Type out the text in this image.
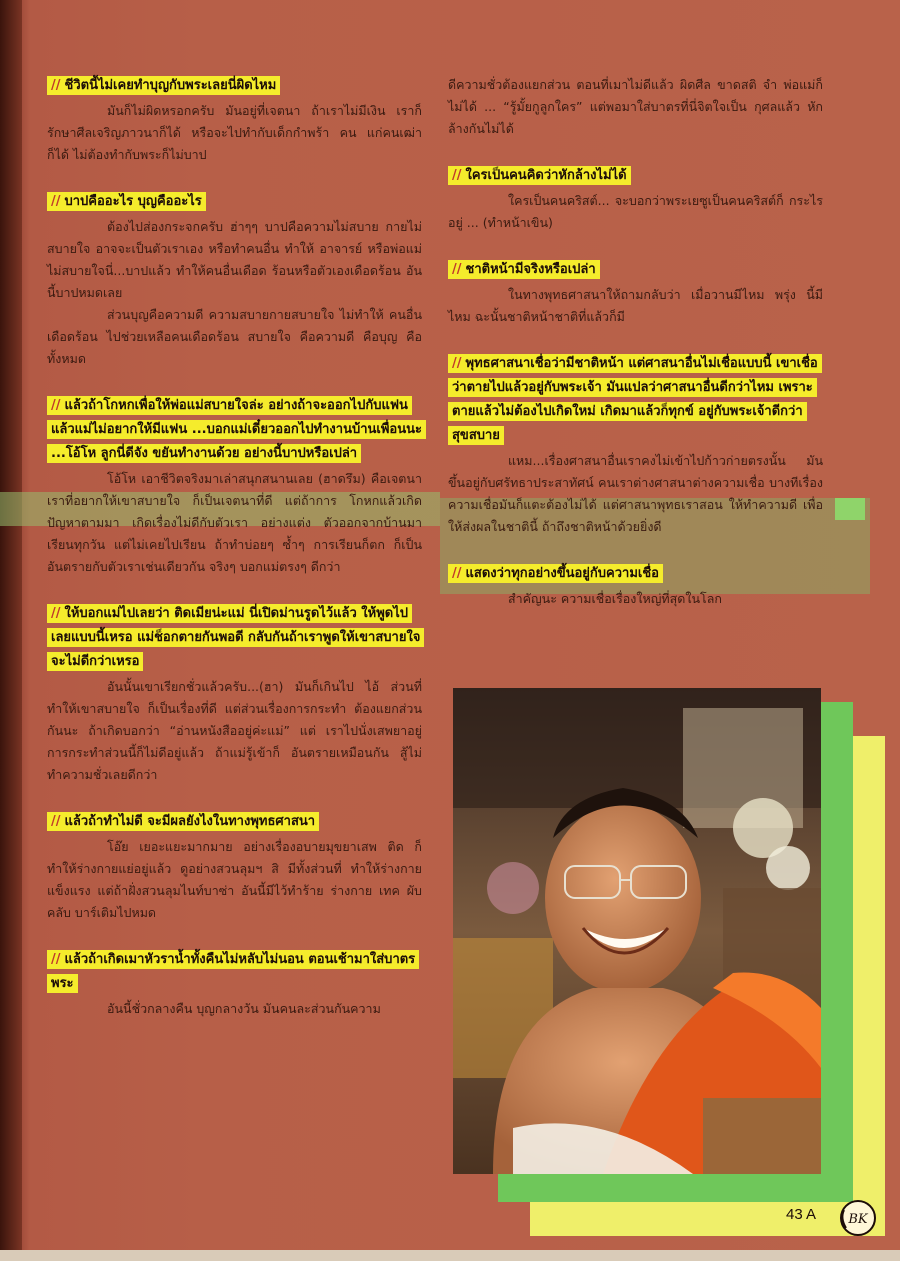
// ชีวิตนี้ไม่เคยทำบุญกับพระเลยนี่ผิดไหม
มันก็ไม่ผิดหรอกครับ มันอยู่ที่เจตนา ถ้าเราไม่มีเงิน เราก็รักษาศีลเจริญภาวนาก็ได้ หรือจะไปทำกับเด็กกำพร้า คน แก่คนเฒ่าก็ได้ ไม่ต้องทำกับพระก็ไม่บาป
// บาปคืออะไร บุญคืออะไร
ต้องไปส่องกระจกครับ ฮ่าๆๆ บาปคือความไม่สบาย กายไม่สบายใจ อาจจะเป็นตัวเราเอง หรือทำคนอื่น ทำให้ อาจารย์ หรือพ่อแม่ไม่สบายใจนี่...บาปแล้ว ทำให้คนอื่นเดือด ร้อนหรือตัวเองเดือดร้อน อันนี้บาปหมดเลย
ส่วนบุญคือความดี ความสบายกายสบายใจ ไม่ทำให้ คนอื่นเดือดร้อน ไปช่วยเหลือคนเดือดร้อน สบายใจ คือความดี คือบุญ คือทั้งหมด
// แล้วถ้าโกหกเพื่อให้พ่อแม่สบายใจล่ะ อย่างถ้าจะออกไปกับแฟน แล้วแม่ไม่อยากให้มีแฟน ...บอกแม่เดี๋ยวออกไปทำงานบ้านเพื่อนนะ ...โอ้โห ลูกนี่ดีจัง ขยันทำงานด้วย อย่างนี้บาปหรือเปล่า
โอ้โห เอาชีวิตจริงมาเล่าสนุกสนานเลย (ฮาดรึม) คือเจตนาเราที่อยากให้เขาสบายใจ ก็เป็นเจตนาที่ดี แต่ถ้าการ โกหกแล้วเกิดปัญหาตามมา เกิดเรื่องไม่ดีกับตัวเรา อย่างแต่ง ตัวออกจากบ้านมาเรียนทุกวัน แต่ไม่เคยไปเรียน ถ้าทำบ่อยๆ ซ้ำๆ การเรียนก็ตก ก็เป็นอันตรายกับตัวเราเช่นเดียวกัน จริงๆ บอกแม่ตรงๆ ดีกว่า
// ให้บอกแม่ไปเลยว่า ติดเมียน่ะแม่ นี่เปิดม่านรูดไว้แล้ว ให้พูดไปเลยแบบนี้เหรอ แม่ช็อกตายกันพอดี กลับกันถ้าเราพูดให้เขาสบายใจ จะไม่ดีกว่าเหรอ
อันนั้นเขาเรียกชั่วแล้วครับ...(ฮา) มันก็เกินไป ไอ้ ส่วนที่ทำให้เขาสบายใจ ก็เป็นเรื่องที่ดี แต่ส่วนเรื่องการกระทำ ต้องแยกส่วนกันนะ ถ้าเกิดบอกว่า “อ่านหนังสืออยู่ค่ะแม่” แต่ เราไปนั่งเสพยาอยู่ การกระทำส่วนนี้ก็ไม่ดีอยู่แล้ว ถ้าแม่รู้เข้าก็ อันตรายเหมือนกัน สู้ไม่ทำความชั่วเลยดีกว่า
// แล้วถ้าทำไม่ดี จะมีผลยังไงในทางพุทธศาสนา
โอ๊ย เยอะแยะมากมาย อย่างเรื่องอบายมุขยาเสพ ติด ก็ทำให้ร่างกายแย่อยู่แล้ว ดูอย่างสวนลุมฯ สิ มีทั้งส่วนที่ ทำให้ร่างกายแข็งแรง แต่ถ้าฝั่งสวนลุมไนท์บาซ่า อันนี้มีไว้ทำร้าย ร่างกาย เทค ผับ คลับ บาร์เติมไปหมด
// แล้วถ้าเกิดเมาหัวราน้ำทั้งคืนไม่หลับไม่นอน ตอนเช้ามาใส่บาตรพระ
อันนี้ชั่วกลางคืน บุญกลางวัน มันคนละส่วนกันความ
ดีความชั่วต้องแยกส่วน ตอนที่เมาไม่ดีแล้ว ผิดศีล ขาดสติ จำ พ่อแม่ก็ไม่ได้ ... “รู้มั้ยกูลูกใคร” แต่พอมาใส่บาตรที่นี่จิตใจเป็น กุศลแล้ว หักล้างกันไม่ได้
// ใครเป็นคนคิดว่าหักล้างไม่ได้
ใครเป็นคนคริสต์... จะบอกว่าพระเยซูเป็นคนคริสต์ก็ กระไรอยู่ ... (ทำหน้าเขิน)
// ชาติหน้ามีจริงหรือเปล่า
ในทางพุทธศาสนาให้ถามกลับว่า เมื่อวานมีไหม พรุ่ง นี้มีไหม ฉะนั้นชาติหน้าชาติที่แล้วก็มี
// พุทธศาสนาเชื่อว่ามีชาติหน้า แต่ศาสนาอื่นไม่เชื่อแบบนี้ เขาเชื่อว่าตายไปแล้วอยู่กับพระเจ้า มันแปลว่าศาสนาอื่นดีกว่าไหม เพราะตายแล้วไม่ต้องไปเกิดใหม่ เกิดมาแล้วก็ทุกข์ อยู่กับพระเจ้าดีกว่า สุขสบาย
แหม...เรื่องศาสนาอื่นเราคงไม่เข้าไปก้าวก่ายตรงนั้น มันขึ้นอยู่กับศรัทธาประสาทัศน์ คนเราต่างศาสนาต่างความเชื่อ บางทีเรื่องความเชื่อมันก็แตะต้องไม่ได้ แต่ศาสนาพุทธเราสอน ให้ทำความดี เพื่อให้ส่งผลในชาตินี้ ถ้าถึงชาติหน้าด้วยยิ่งดี
// แสดงว่าทุกอย่างขึ้นอยู่กับความเชื่อ
สำคัญนะ ความเชื่อเรื่องใหญ่ที่สุดในโลก
43 A BK
